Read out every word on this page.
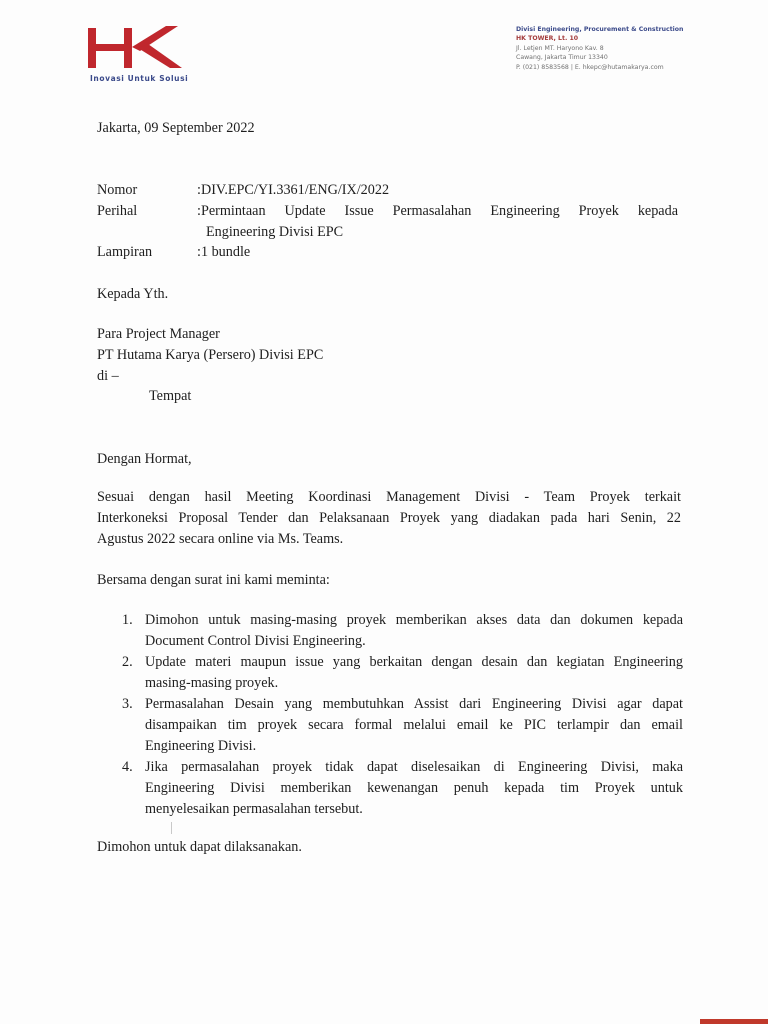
Inovasi Untuk Solusi
Divisi Engineering, Procurement & Construction
HK TOWER, Lt. 10
Jl. Letjen MT. Haryono Kav. 8
Cawang, Jakarta Timur 13340
P. (021) 8583568 | E. hkepc@hutamakarya.com
Jakarta, 09 September 2022
Nomor	:DIV.EPC/YI.3361/ENG/IX/2022
Perihal	:Permintaan Update Issue Permasalahan Engineering Proyek kepada
Engineering Divisi EPC
Lampiran	:1 bundle
Kepada Yth.
Para Project Manager
PT Hutama Karya (Persero) Divisi EPC
di –
Tempat
Dengan Hormat,
Sesuai dengan hasil Meeting Koordinasi Management Divisi - Team Proyek terkait
Interkoneksi Proposal Tender dan Pelaksanaan Proyek yang diadakan pada hari Senin, 22
Agustus 2022 secara online via Ms. Teams.
Bersama dengan surat ini kami meminta:
1. Dimohon untuk masing-masing proyek memberikan akses data dan dokumen kepada
Document Control Divisi Engineering.
2. Update materi maupun issue yang berkaitan dengan desain dan kegiatan Engineering
masing-masing proyek.
3. Permasalahan Desain yang membutuhkan Assist dari Engineering Divisi agar dapat
disampaikan tim proyek secara formal melalui email ke PIC terlampir dan email
Engineering Divisi.
4. Jika permasalahan proyek tidak dapat diselesaikan di Engineering Divisi, maka
Engineering Divisi memberikan kewenangan penuh kepada tim Proyek untuk
menyelesaikan permasalahan tersebut.
Dimohon untuk dapat dilaksanakan.
